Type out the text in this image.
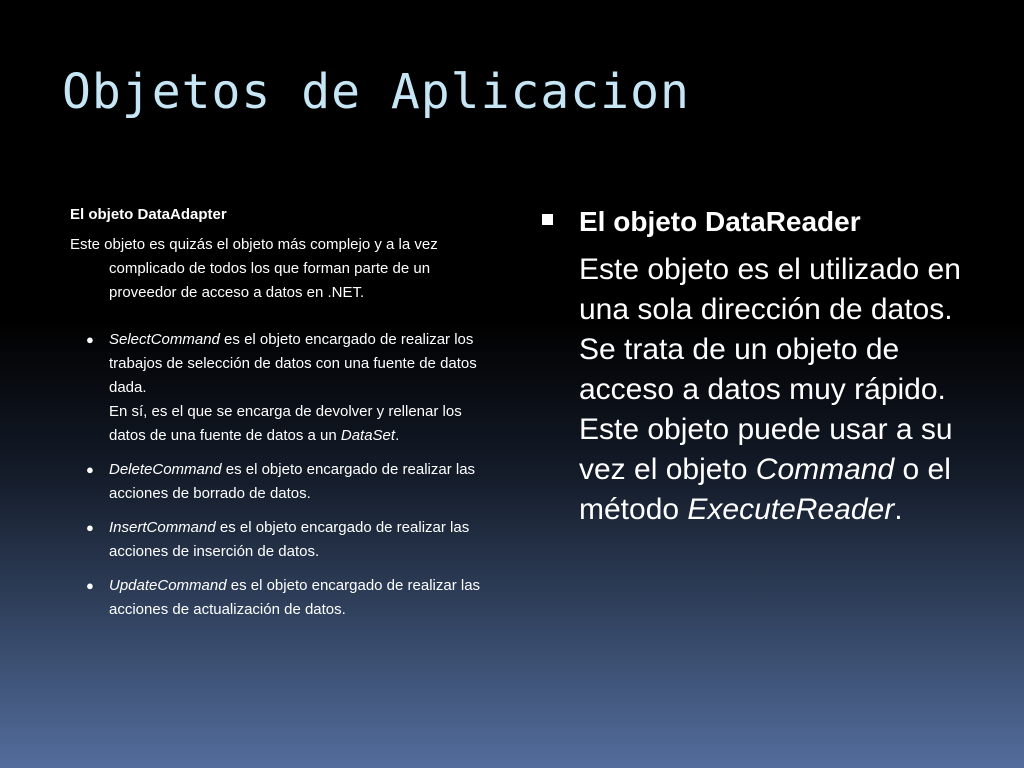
Objetos de Aplicacion
El objeto DataAdapter
Este objeto es quizás el objeto más complejo y a la vez complicado de todos los que forman parte de un proveedor de acceso a datos en .NET.
● SelectCommand es el objeto encargado de realizar los trabajos de selección de datos con una fuente de datos dada.
En sí, es el que se encarga de devolver y rellenar los datos de una fuente de datos a un DataSet.
● DeleteCommand es el objeto encargado de realizar las acciones de borrado de datos.
● InsertCommand es el objeto encargado de realizar las acciones de inserción de datos.
● UpdateCommand es el objeto encargado de realizar las acciones de actualización de datos.
El objeto DataReader
Este objeto es el utilizado en una sola dirección de datos.
Se trata de un objeto de acceso a datos muy rápido.
Este objeto puede usar a su vez el objeto Command o el método ExecuteReader.
